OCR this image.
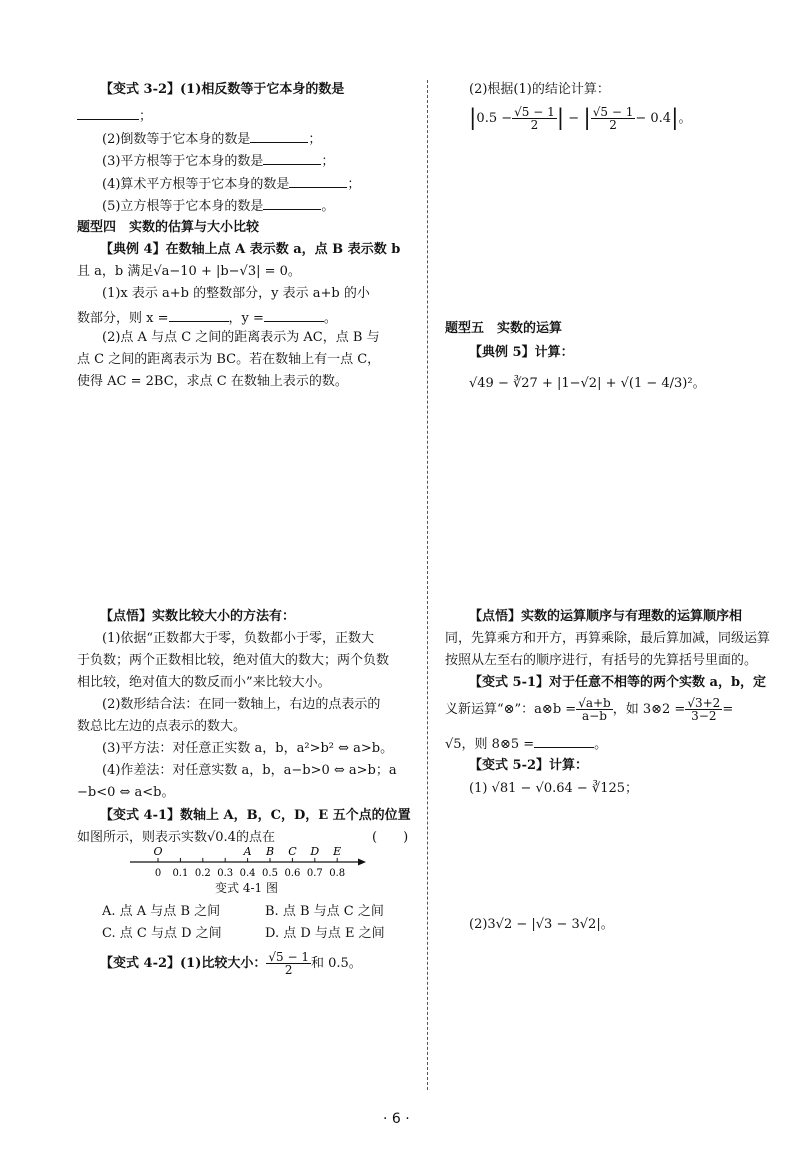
【变式 3-2】(1)相反数等于它本身的数是
；
(2)倒数等于它本身的数是	；
(3)平方根等于它本身的数是	；
(4)算术平方根等于它本身的数是	；
(5)立方根等于它本身的数是	。
题型四　实数的估算与大小比较
【典例 4】在数轴上点 A 表示数 a，点 B 表示数 b
且 a，b 满足√a−10 + |b−√3| = 0。
(1)x 表示 a+b 的整数部分，y 表示 a+b 的小
数部分，则 x =	，y =	。
(2)点 A 与点 C 之间的距离表示为 AC，点 B 与
点 C 之间的距离表示为 BC。若在数轴上有一点 C，
使得 AC = 2BC，求点 C 在数轴上表示的数。
【点悟】实数比较大小的方法有：
(1)依据“正数都大于零，负数都小于零，正数大
于负数；两个正数相比较，绝对值大的数大；两个负数
相比较，绝对值大的数反而小”来比较大小。
(2)数形结合法：在同一数轴上，右边的点表示的
数总比左边的点表示的数大。
(3)平方法：对任意正实数 a，b，a²>b² ⇔ a>b。
(4)作差法：对任意实数 a，b，a−b>0 ⇔ a>b；a
−b<0 ⇔ a<b。
【变式 4-1】数轴上 A，B，C，D，E 五个点的位置
如图所示，则表示实数√0.4的点在	(　　)
0 0.1 0.2 0.3 0.4 0.5 0.6 0.7 0.8
O	A B C D E
变式 4-1 图
A. 点 A 与点 B 之间	B. 点 B 与点 C 之间
C. 点 C 与点 D 之间	D. 点 D 与点 E 之间
【变式 4-2】(1)比较大小： $\frac{√5 - 1}{2}$ 和 0.5。
(2)根据(1)的结论计算：
$|0.5 - \frac{√5 - 1}{2}$ | − | $\frac{√5 - 1}{2} - 0.4|$。
题型五　实数的运算
【典例 5】计算：
√49 − ∛27 + |1−√2| + √(1 − 4/3)²。
【点悟】实数的运算顺序与有理数的运算顺序相
同，先算乘方和开方，再算乘除，最后算加减，同级运算
按照从左至右的顺序进行，有括号的先算括号里面的。
【变式 5-1】对于任意不相等的两个实数 a，b，定
义新运算“⊗”：a⊗b = $\frac{√a+b}{a-b}$ ，如 3⊗2 = $\frac{√3+2}{3-2}$ =
√5，则 8⊗5 =	。
【变式 5-2】计算：
(1) √81 − √0.64 − ∛125；
(2)3√2 − |√3 − 3√2|。
· 6 ·
